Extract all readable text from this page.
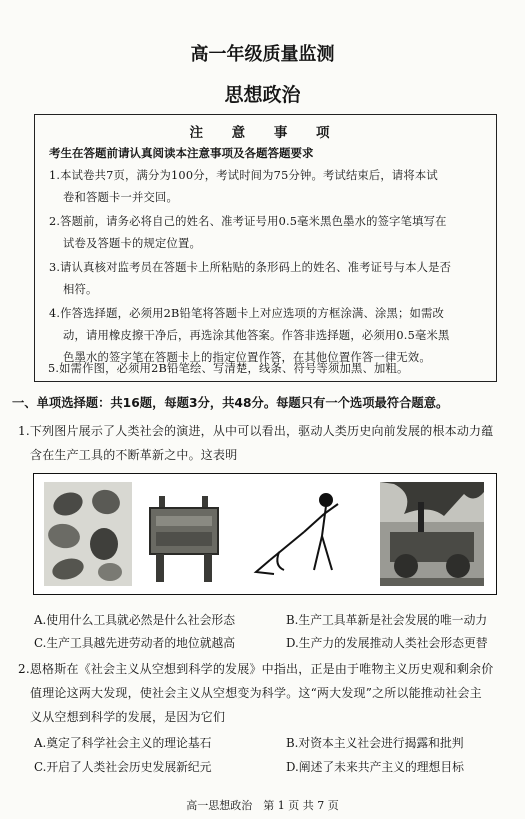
高一年级质量监测
思想政治
注 意 事 项
考生在答题前请认真阅读本注意事项及各题答题要求
1.本试卷共7页，满分为100分，考试时间为75分钟。考试结束后，请将本试
卷和答题卡一并交回。
2.答题前，请务必将自己的姓名、准考证号用0.5毫米黑色墨水的签字笔填写在
试卷及答题卡的规定位置。
3.请认真核对监考员在答题卡上所粘贴的条形码上的姓名、准考证号与本人是否
相符。
4.作答选择题，必须用2B铅笔将答题卡上对应选项的方框涂满、涂黑；如需改
动，请用橡皮擦干净后，再选涂其他答案。作答非选择题，必须用0.5毫米黑
色墨水的签字笔在答题卡上的指定位置作答，在其他位置作答一律无效。
5.如需作图，必须用2B铅笔绘、写清楚，线条、符号等须加黑、加粗。
一、单项选择题：共16题，每题3分，共48分。每题只有一个选项最符合题意。
1.下列图片展示了人类社会的演进，从中可以看出，驱动人类历史向前发展的根本动力蕴
含在生产工具的不断革新之中。这表明
A.使用什么工具就必然是什么社会形态	B.生产工具革新是社会发展的唯一动力
C.生产工具越先进劳动者的地位就越高	D.生产力的发展推动人类社会形态更替
2.恩格斯在《社会主义从空想到科学的发展》中指出，正是由于唯物主义历史观和剩余价
值理论这两大发现，使社会主义从空想变为科学。这“两大发现”之所以能推动社会主
义从空想到科学的发展，是因为它们
A.奠定了科学社会主义的理论基石	B.对资本主义社会进行揭露和批判
C.开启了人类社会历史发展新纪元	D.阐述了未来共产主义的理想目标
高一思想政治　第 1 页 共 7 页
